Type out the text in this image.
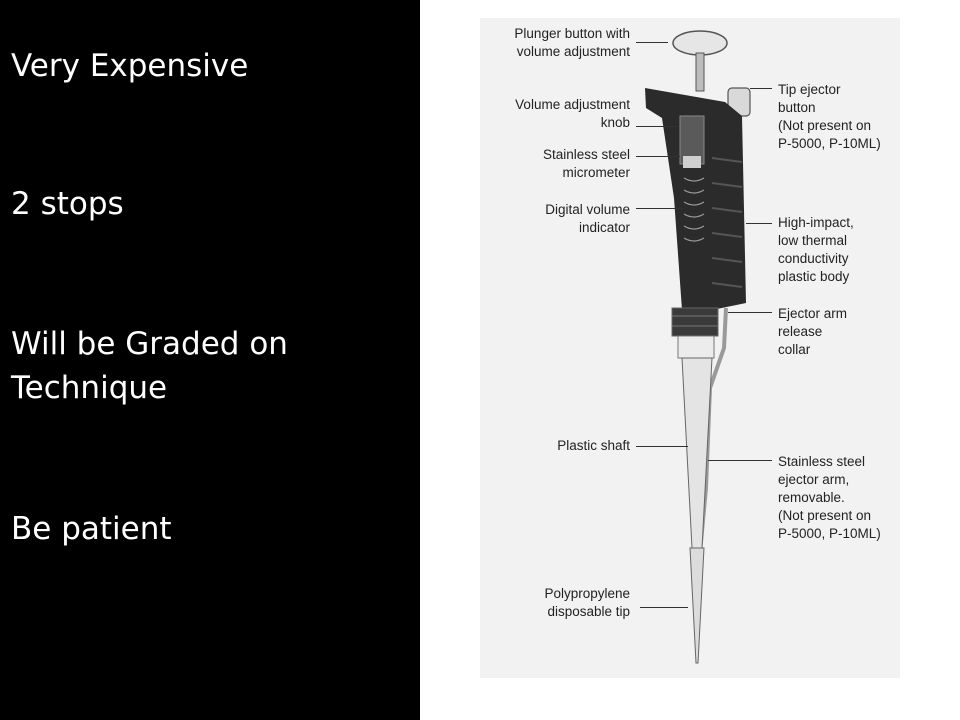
Very Expensive

2 stops

Will be Graded on
Technique

Be patient

Plunger button with
volume adjustment
Volume adjustment
knob
Stainless steel
micrometer
Digital volume
indicator
Plastic shaft
Polypropylene
disposable tip
Tip ejector
button
(Not present on
P-5000, P-10ML)
High-impact,
low thermal
conductivity
plastic body
Ejector arm
release
collar
Stainless steel
ejector arm,
removable.
(Not present on
P-5000, P-10ML)
